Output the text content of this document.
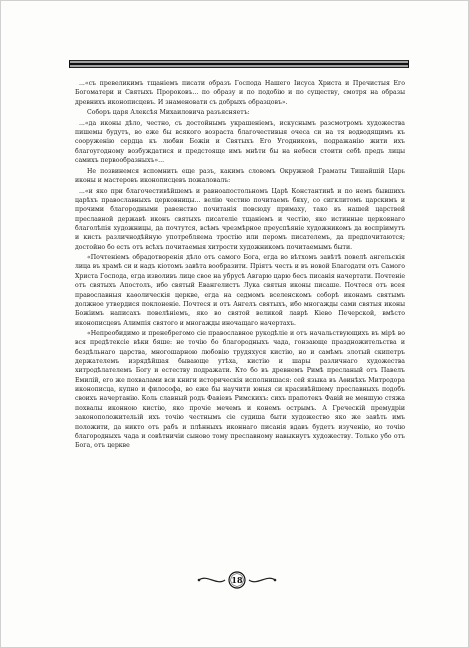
...«съ превеликимъ тщаніемъ писати образъ Господа Нашего Іисуса Христа и Пречистыя Его Богоматери и Святыхъ Пророковъ... по образу и по подобію и по существу, смотря на образы древнихъ иконописцевъ. И знаменовати съ добрыхъ образцовъ».

Соборъ царя Алексѣя Михаиловича разъясняетъ:

...«да иконы дѣло, честно, съ достойнымъ украшеніемъ, искуснымъ разсмотромъ художества пишемы будутъ, во еже бы всякого возраста благочестивыя очеса си на тя водводящимъ къ сооруженію сердца къ любви Божіи и Святыхъ Его Угодниковъ, подражанію жити ихъ благоугодному возбуждатися и предстояще имъ мнѣти бы на небеси стоити себѣ предъ лицы самихъ первообразныхъ»...

Не позвинемся вспомнить еще разъ, какимъ словомъ Окружной Граматы Тишайшій Царь иконы и мастеровъ иконописцевъ пожаловалъ:

...«и яко при благочестивѣйшемъ и равноапостольномъ Царѣ Константинѣ и по немъ бывшихъ царѣхъ православныхъ церковницы... велію честию почитаемъ бяху, со сигклитомъ царскимъ и прочими благородными равенство почитанія повсюду примаху, тако въ нашей царствей преславной державѣ иконъ святыхъ писателіе тщаніемъ и честію, яко истинные церковнаго благолѣпія художницы, да почтутся, всѣмъ чрезмѣрное преуспѣяніе художникомъ да воспріимутъ и кисть различнодѣйную употребляема тростію или перомъ писателемъ, да предпочитаются; достойно бо есть отъ всѣхъ почитаемыя хитрости художникомъ почитаемымъ быти.

«Почтеніемъ обрадотворенія дѣло отъ самого Бога, егда во вѣтхомъ завѣтѣ повелѣ ангельскія лица въ храмѣ си и надъ кіотомъ завѣта вообразити. Пріятъ честь и въ новой Благодати отъ Самого Христа Господа, егда изволивъ лице свое на убрусѣ Авгарю царю бесъ писанія начертати. Почтеніе отъ святыхъ Апостолъ, ибо святый Евангелистъ Лука святыя иконы писаше. Почтеся отъ всея православныя каѳолическія церкве, егда на седмомъ вселенскомъ соборѣ иконамъ святымъ должное утвердися поклоненіе. Почтеся и отъ Ангелъ святыхъ, ибо многажды сами святыя иконы Божіимъ написахъ повелѣніемъ, яко во святой великой лаврѣ Кіево Печерской, вмѣсто иконописцевъ Алимпія святого и многажды иночащаго начертахъ.

«Непреобидимо и пренебрегомо сіе православное рукодѣліе и отъ начальствующихъ въ мірѣ во вся предѣтексіе вѣки бяше: не точію бо благородныхъ чада, гонзающе праздножительства и бездѣльнаго царства, многошарною любовію трудяхуся кистію, но и самѣмъ злотый скипетръ держателемъ изрядѣйшая бывающе утѣха, кистію и шары различнаго художества хитродѣлателемъ Богу и естеству подражати. Кто бо въ древнемъ Римѣ пресланый отъ Павелъ Емилій, его же похвалами вси книги историческія исполнишася: сей языка въ Аѳинѣхъ Митродора иконописца, купно и философа, во еже бы научити юныя си красивѣйшему преславныхъ подобъ своихъ начертанію. Коль славный родъ Фавіевъ Римскихъ: сихъ прапотекъ Фавій не меншую стяжа похвалы иконною кистію, яко прочіе мечемъ и конемъ острымъ. А Греческій премудріи законоположительій ихъ точію честнымъ сіе судиша быти художество яко же завѣть имъ положити, да никто отъ рабъ и плѣнныхъ иконнаго писанія вдавъ будетъ изученію, но точію благородныхъ чада и совѣтничіи сыново тому преславному навыкнутъ художеству. Только убо отъ Бога, отъ церкве

18
